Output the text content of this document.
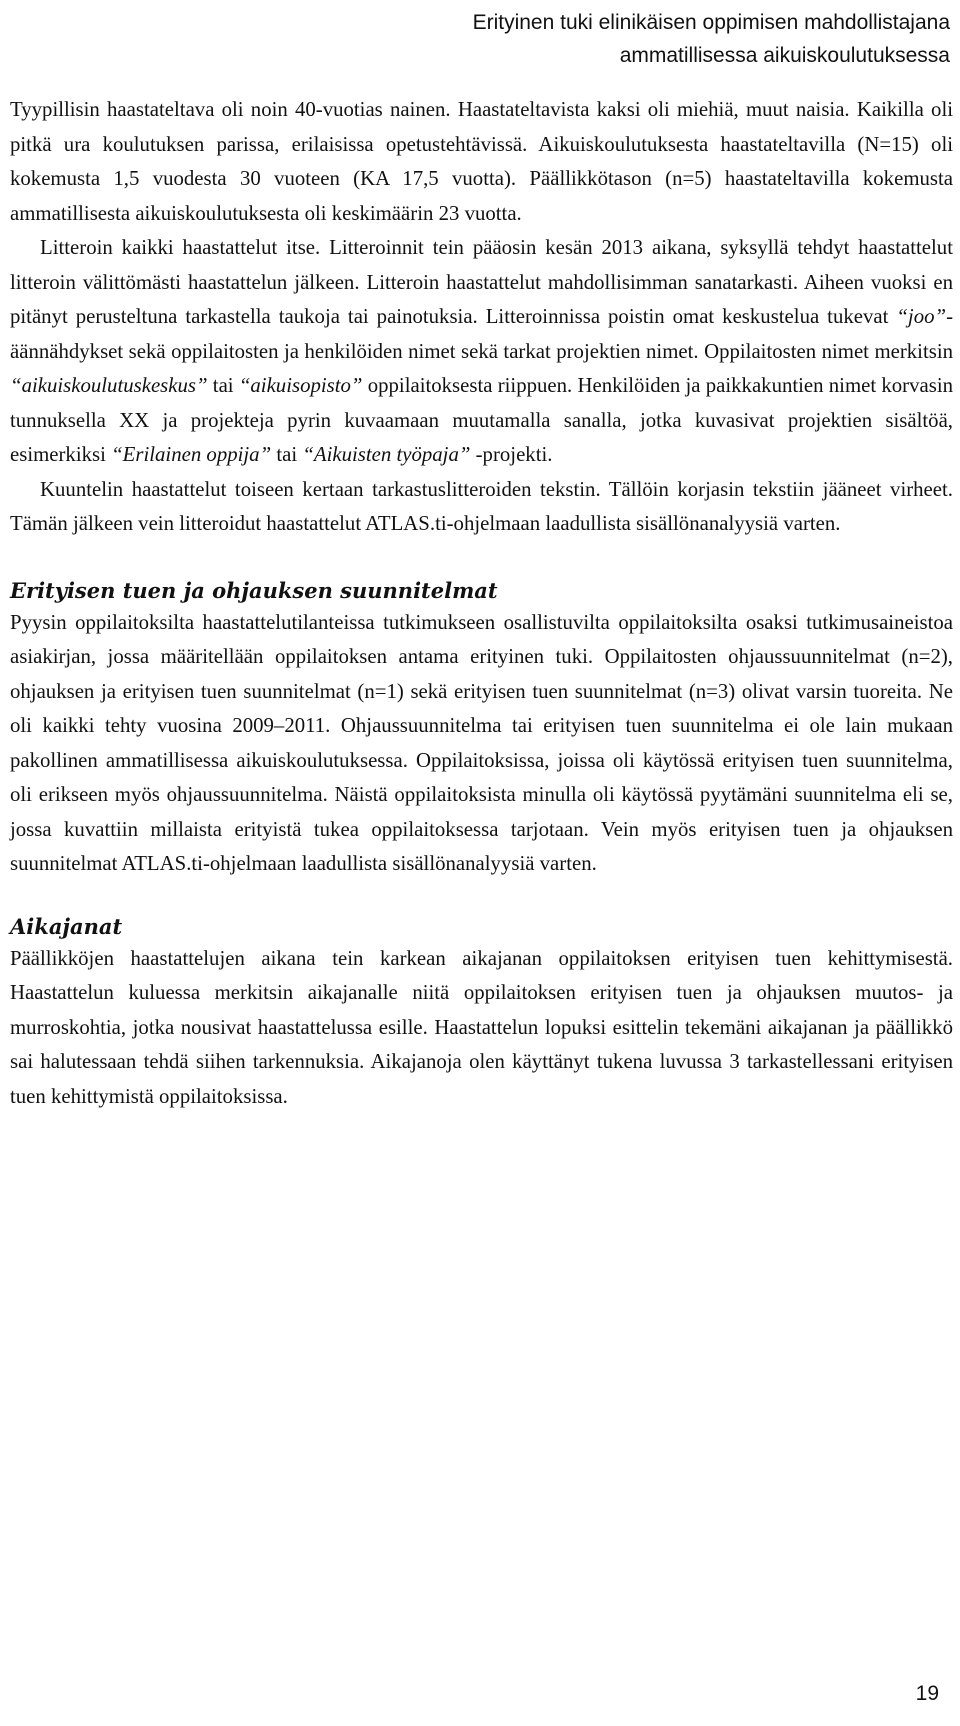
Erityinen tuki elinikäisen oppimisen mahdollistajana
ammatillisessa aikuiskoulutuksessa

Tyypillisin haastateltava oli noin 40-vuotias nainen. Haastateltavista kaksi oli miehiä, muut naisia. Kaikilla oli pitkä ura koulutuksen parissa, erilaisissa opetustehtävissä. Aikuiskoulutuksesta haastateltavilla (N=15) oli kokemusta 1,5 vuodesta 30 vuoteen (KA 17,5 vuotta). Päällikkötason (n=5) haastateltavilla kokemusta ammatillisesta aikuiskoulutuksesta oli keskimäärin 23 vuotta.

Litteroin kaikki haastattelut itse. Litteroinnit tein pääosin kesän 2013 aikana, syksyllä tehdyt haastattelut litteroin välittömästi haastattelun jälkeen. Litteroin haastattelut mahdollisimman sanatarkasti. Aiheen vuoksi en pitänyt perusteltuna tarkastella taukoja tai painotuksia. Litteroinnissa poistin omat keskustelua tukevat “joo”-äännähdykset sekä oppilaitosten ja henkilöiden nimet sekä tarkat projektien nimet. Oppilaitosten nimet merkitsin “aikuiskoulutuskeskus” tai “aikuisopisto” oppilaitoksesta riippuen. Henkilöiden ja paikkakuntien nimet korvasin tunnuksella XX ja projekteja pyrin kuvaamaan muutamalla sanalla, jotka kuvasivat projektien sisältöä, esimerkiksi “Erilainen oppija” tai “Aikuisten työpaja” -projekti.

Kuuntelin haastattelut toiseen kertaan tarkastuslitteroiden tekstin. Tällöin korjasin tekstiin jääneet virheet. Tämän jälkeen vein litteroidut haastattelut ATLAS.ti-ohjelmaan laadullista sisällönanalyysiä varten.

Erityisen tuen ja ohjauksen suunnitelmat

Pyysin oppilaitoksilta haastattelutilanteissa tutkimukseen osallistuvilta oppilaitoksilta osaksi tutkimusaineistoa asiakirjan, jossa määritellään oppilaitoksen antama erityinen tuki. Oppilaitosten ohjaussuunnitelmat (n=2), ohjauksen ja erityisen tuen suunnitelmat (n=1) sekä erityisen tuen suunnitelmat (n=3) olivat varsin tuoreita. Ne oli kaikki tehty vuosina 2009–2011. Ohjaussuunnitelma tai erityisen tuen suunnitelma ei ole lain mukaan pakollinen ammatillisessa aikuiskoulutuksessa. Oppilaitoksissa, joissa oli käytössä erityisen tuen suunnitelma, oli erikseen myös ohjaussuunnitelma. Näistä oppilaitoksista minulla oli käytössä pyytämäni suunnitelma eli se, jossa kuvattiin millaista erityistä tukea oppilaitoksessa tarjotaan. Vein myös erityisen tuen ja ohjauksen suunnitelmat ATLAS.ti-ohjelmaan laadullista sisällönanalyysiä varten.

Aikajanat

Päällikköjen haastattelujen aikana tein karkean aikajanan oppilaitoksen erityisen tuen kehittymisestä. Haastattelun kuluessa merkitsin aikajanalle niitä oppilaitoksen erityisen tuen ja ohjauksen muutos- ja murroskohtia, jotka nousivat haastattelussa esille. Haastattelun lopuksi esittelin tekemäni aikajanan ja päällikkö sai halutessaan tehdä siihen tarkennuksia. Aikajanoja olen käyttänyt tukena luvussa 3 tarkastellessani erityisen tuen kehittymistä oppilaitoksissa.

19
